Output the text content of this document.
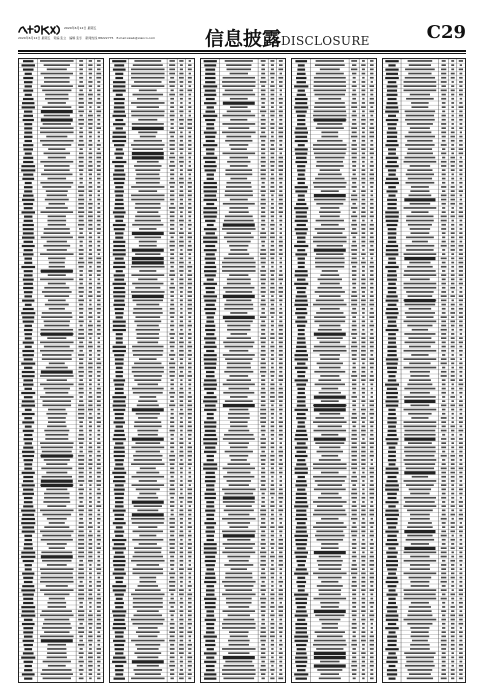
2020年6月12日 星期五
2020年6月12日 星期五　责编 张立　编辑 张乐　新闻热线 88222775　E-mail:xawb@xiancn.com	信息披露DISCLOSURE	C29
